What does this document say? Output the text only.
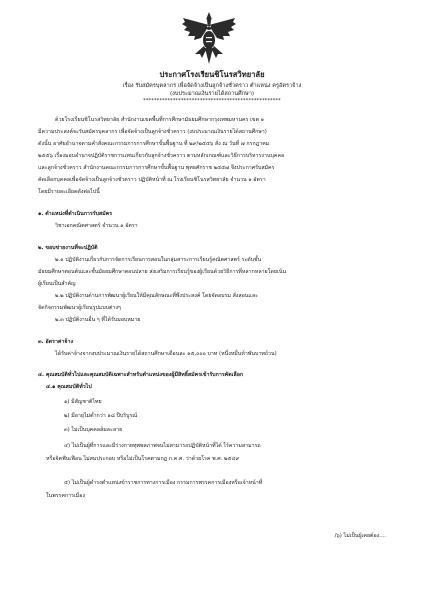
ประกาศโรงเรียนชิโนรสวิทยาลัย

เรื่อง รับสมัครบุคลากร เพื่อจัดจ้างเป็นลูกจ้างชั่วคราว ตำแหน่ง ครูอัตราจ้าง

(งบประมาณเงินรายได้สถานศึกษา)

***************************************************

ด้วยโรงเรียนชิโนรสวิทยาลัย สำนักงานเขตพื้นที่การศึกษามัธยมศึกษากรุงเทพมหานคร เขต ๑

มีความประสงค์จะรับสมัครบุคลากร เพื่อจัดจ้างเป็นลูกจ้างชั่วคราว (งบประมาณเงินรายได้สถานศึกษา)

ดังนั้น อาศัยอำนาจตามคำสั่งคณะกรรมการการศึกษาขั้นพื้นฐาน ที่ ๒๙/๒๕๕๖ สั่ง ณ วันที่ ๗ กรกฎาคม

๒๕๕๖ เรื่องมอบอำนาจปฏิบัติราชการแทนเกี่ยวกับลูกจ้างชั่วคราว ตามหลักเกณฑ์และวิธีการบริหารงานบุคคล

และลูกจ้างชั่วคราว สำนักงานคณะกรรมการการศึกษาขั้นพื้นฐาน พุทธศักราช ๒๕๕๗ จึงประกาศรับสมัคร

คัดเลือกบุคคลเพื่อจัดจ้างเป็นลูกจ้างชั่วคราว ปฏิบัติหน้าที่ ณ โรงเรียนชิโนรสวิทยาลัย จำนวน ๑ อัตรา

โดยมีรายละเอียดดังต่อไปนี้

๑. ตำแหน่งที่ดำเนินการรับสมัคร

วิชาเอกคณิตศาสตร์ จำนวน ๑ อัตรา

๒. ขอบข่ายงานที่จะปฏิบัติ

๒.๑ ปฏิบัติงานเกี่ยวกับการจัดการเรียนการสอนในกลุ่มสาระการเรียนรู้คณิตศาสตร์ ระดับชั้น

มัธยมศึกษาตอนต้นและชั้นมัธยมศึกษาตอนปลาย ส่งเสริมการเรียนรู้ของผู้เรียนด้วยวิธีการที่หลากหลายโดยเน้น

ผู้เรียนเป็นสำคัญ

๒.๒ ปฏิบัติงานด้านการพัฒนาผู้เรียนให้มีคุณลักษณะที่พึงประสงค์ โดยจัดอบรม สั่งสอนและ

จัดกิจกรรมพัฒนาผู้เรียนรูปแบบต่างๆ

๒.๓ ปฏิบัติงานอื่น ๆ ที่ได้รับมอบหมาย

๓. อัตราค่าจ้าง

ได้รับค่าจ้างจากงบประมาณเงินรายได้สถานศึกษาเดือนละ ๑๕,๐๐๐ บาท (หนึ่งหมื่นห้าพันบาทถ้วน)

๔. คุณสมบัติทั่วไปและคุณสมบัติเฉพาะสำหรับตำแหน่งของผู้มีสิทธิ์สมัครเข้ารับการคัดเลือก

๔.๑ คุณสมบัติทั่วไป

๑) มีสัญชาติไทย

๒) มีอายุไม่ต่ำกว่า ๑๘ ปีบริบูรณ์

๓) ไม่เป็นบุคคลล้มละลาย

๔) ไม่เป็นผู้ที่การและมีร่างกายทุพพลภาพจนไม่สามารถปฏิบัติหน้าที่ได้ ไร้ความสามารถ

หรือจิตฟั่นเฟือน ไม่สมประกอบ หรือไม่เป็นโรคตามกฎ ก.ค.ศ. ว่าด้วยโรค พ.ศ. ๒๕๔๙

๕) ไม่เป็นผู้ดำรงตำแหน่งข้าราชการทางการเมือง กรรมการพรรคการเมืองหรือเจ้าหน้าที่

ในพรรคการเมือง

/๖) ไม่เป็นผู้เคยต้อง....
